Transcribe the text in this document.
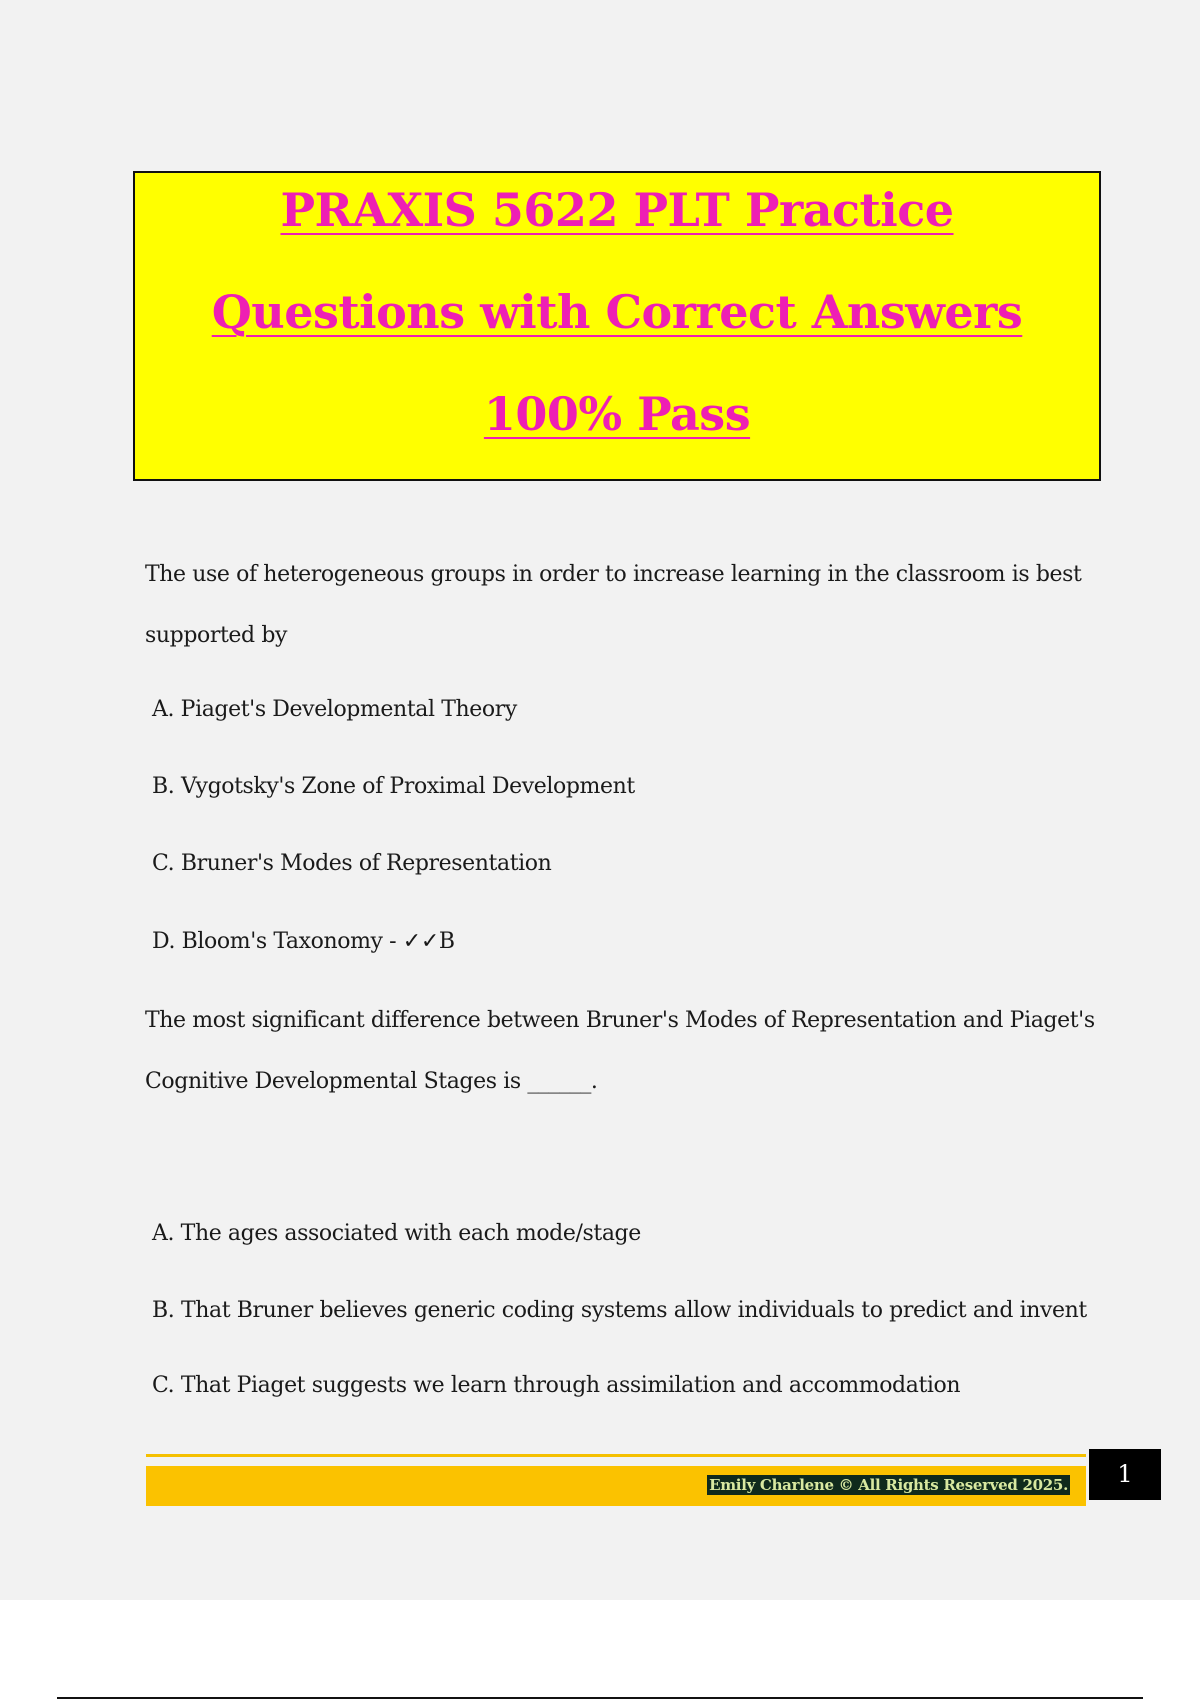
PRAXIS 5622 PLT Practice
Questions with Correct Answers
100% Pass
The use of heterogeneous groups in order to increase learning in the classroom is best
supported by
A. Piaget's Developmental Theory
B. Vygotsky's Zone of Proximal Development
C. Bruner's Modes of Representation
D. Bloom's Taxonomy - ✓✓B
The most significant difference between Bruner's Modes of Representation and Piaget's
Cognitive Developmental Stages is ______.
A. The ages associated with each mode/stage
B. That Bruner believes generic coding systems allow individuals to predict and invent
C. That Piaget suggests we learn through assimilation and accommodation
Emily Charlene © All Rights Reserved 2025.	1
